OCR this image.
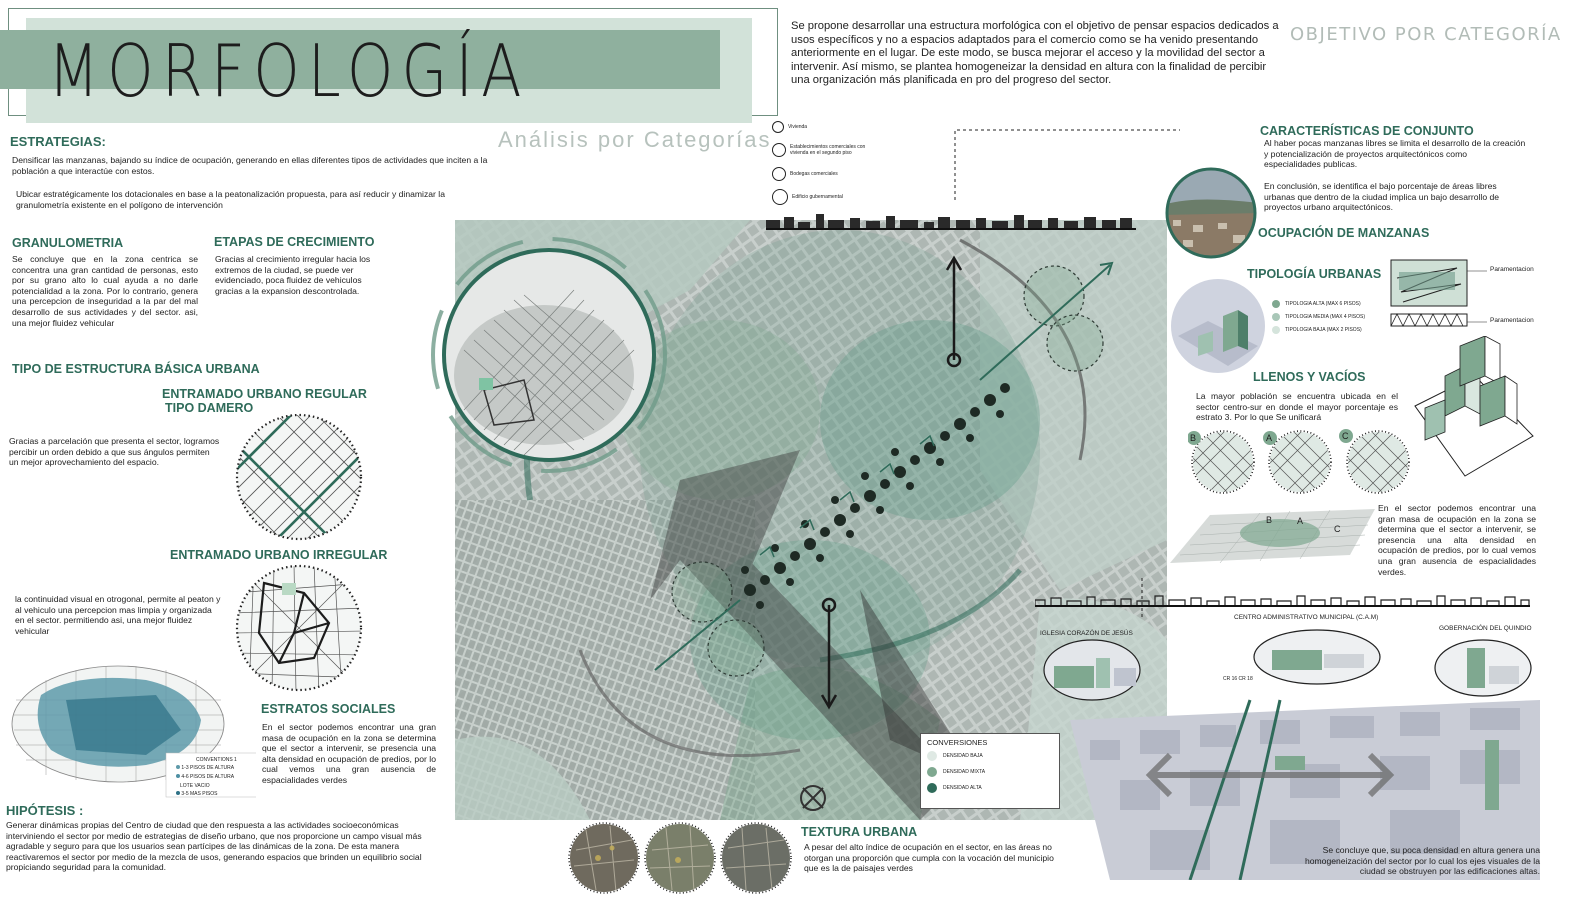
MORFOLOGÍA
Análisis por Categorías
Se propone desarrollar una estructura morfológica con el objetivo de pensar espacios dedicados a usos específicos y no a espacios adaptados para el comercio como se ha venido presentando anteriormente en el lugar. De este modo, se busca mejorar el acceso y la movilidad del sector a intervenir. Así mismo, se plantea homogeneizar la densidad en altura con la finalidad de percibir una organización más planificada en pro del progreso del sector.
OBJETIVO POR CATEGORÍA
ESTRATEGIAS:
Densificar las manzanas, bajando su índice de ocupación, generando en ellas diferentes tipos de actividades que inciten a la población a que interactúe con estos.
Ubicar estratégicamente los dotacionales en base a la peatonalización propuesta, para así reducir y dinamizar la granulometría existente en el polígono de intervención
GRANULOMETRIA
Se concluye que en la zona centrica se concentra una gran cantidad de personas, esto por su grano alto lo cual ayuda a no darle potencialidad a la zona. Por lo contrario, genera una percepcion de inseguridad a la par del mal desarrollo de sus actividades y del sector. asi, una mejor fluidez vehicular
ETAPAS DE CRECIMIENTO
Gracias al crecimiento irregular hacia los extremos de la ciudad, se puede ver evidenciado, poca fluidez de vehiculos gracias a la expansion descontrolada.
TIPO DE ESTRUCTURA BÁSICA URBANA
ENTRAMADO URBANO REGULAR
TIPO DAMERO
Gracias a parcelación que presenta el sector, logramos percibir un orden debido a que sus ángulos permiten un mejor aprovechamiento del espacio.
ENTRAMADO URBANO IRREGULAR
la continuidad visual en otrogonal, permite al peaton y al vehiculo una percepcion mas limpia y organizada en el sector. permitiendo asi, una mejor fluidez vehicular
CONVENTIONS 1
1-3 PISOS DE ALTURA
4-6 PISOS DE ALTURA
LOTE VACIO
3-5 MAS PISOS
ESTRATOS SOCIALES
En el sector podemos encontrar una gran masa de ocupación en la zona se determina que el sector a intervenir, se presencia una alta densidad en ocupación de predios, por lo cual vemos una gran ausencia de espacialidades verdes
HIPÓTESIS :
Generar dinámicas propias del Centro de ciudad que den respuesta a las actividades socioeconómicas interviniendo el sector por medio de estrategias de diseño urbano, que nos proporcione un campo visual más agradable y seguro para que los usuarios sean partícipes de las dinámicas de la zona. De esta manera reactivaremos el sector por medio de la mezcla de usos, generando espacios que brinden un equilibrio social propiciando seguridad para la comunidad.
Vivienda
Establecimientos comerciales con vivienda en el segundo piso
Bodegas comerciales
Edificio gubernamental
CONVERSIONES
DENSIDAD BAJA
DENSIDAD MIXTA
DENSIDAD ALTA
TEXTURA URBANA
A pesar del alto índice de ocupación en el sector, en las áreas no otorgan una proporción que cumpla con la vocación del municipio que es la de paisajes verdes
CARACTERÍSTICAS DE CONJUNTO
Al haber pocas manzanas libres se limita el desarrollo de la creación y potencialización de proyectos arquitectónicos como especialidades publicas.
En conclusión, se identifica el bajo porcentaje de áreas libres urbanas que dentro de la ciudad implica un bajo desarrollo de proyectos urbano arquitectónicos.
OCUPACIÓN DE MANZANAS
TIPOLOGÍA URBANAS
TIPOLOGIA ALTA (MAX 6 PISOS)
TIPOLOGIA MEDIA (MAX 4 PISOS)
TIPOLOGIA BAJA (MAX 2 PISOS)
Paramentacion
Paramentacion
LLENOS Y VACÍOS
La mayor población se encuentra ubicada en el sector centro-sur en donde el mayor porcentaje es estrato 3. Por lo que Se unificará
B	A	C
B	A
C
En el sector podemos encontrar una gran masa de ocupación en la zona se determina que el sector a intervenir, se presencia una alta densidad en ocupación de predios, por lo cual vemos una gran ausencia de espacialidades verdes.
IGLESIA CORAZÓN DE JESÚS
CENTRO ADMINISTRATIVO MUNICIPAL (C.A.M)
CR 16 CR 18
GOBERNACIÓN DEL QUINDIO
Se concluye que, su poca densidad en altura genera una homogeneización del sector por lo cual los ejes visuales de la ciudad se obstruyen por las edificaciones altas.
